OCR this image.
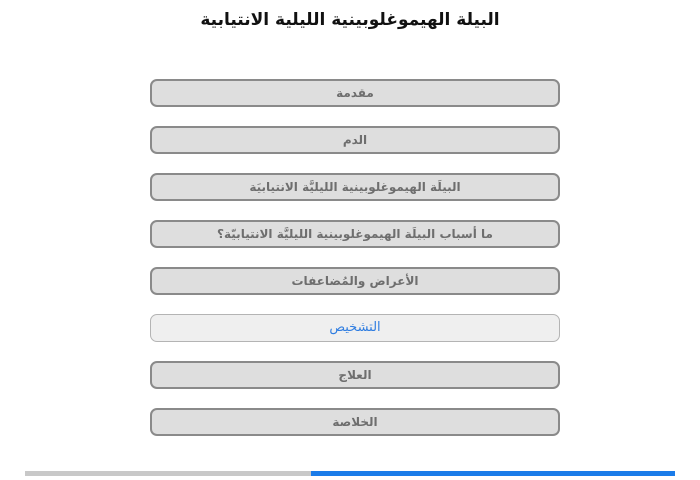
البيلة الهيموغلوبينية الليلية الانتيابية
مقدمة
الدم
البيلَة الهيموغلوبينية الليليَّة الانتيابيَة
ما أسباب البيلَة الهيموغلوبينية الليليَّة الانتيابيّة؟
الأعراض والمُضاعفات
التشخيص
العلاج
الخلاصة
